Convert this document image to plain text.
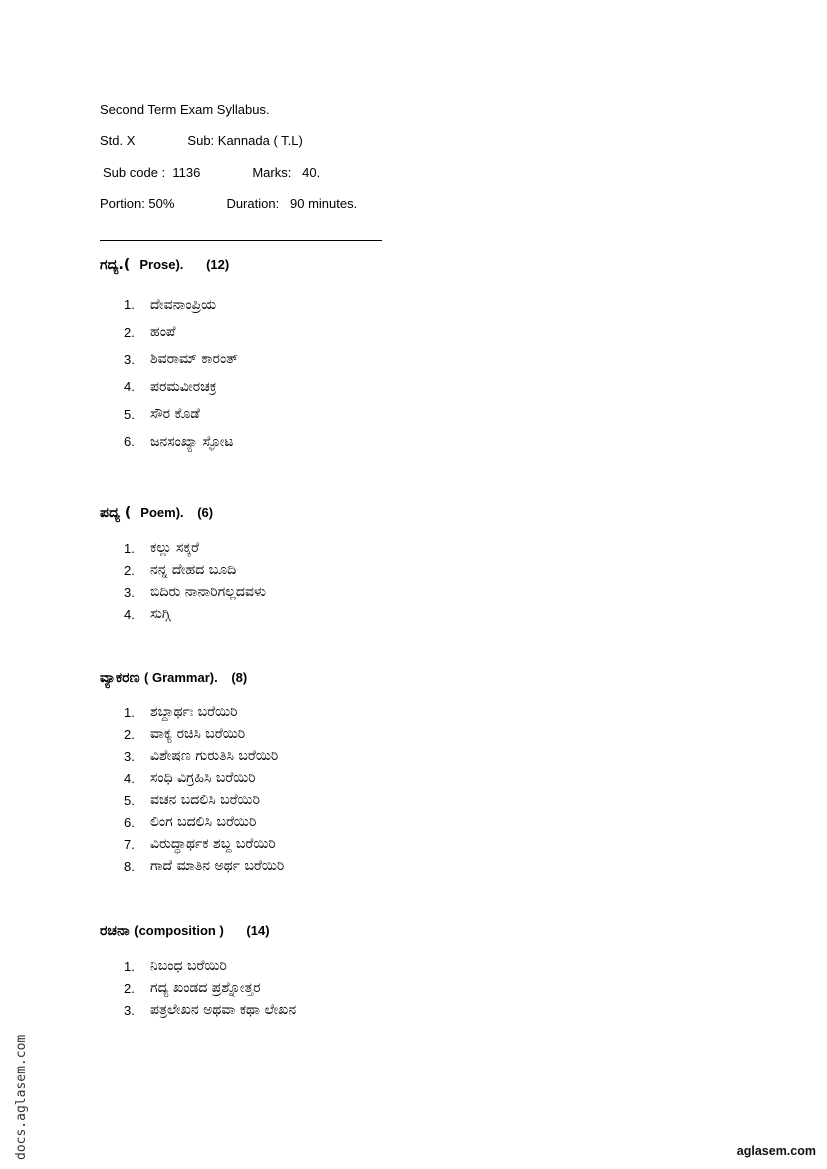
Second Term Exam Syllabus.
Std. X	Sub: Kannada ( T.L)
Sub code :  1136	Marks:   40.
Portion: 50%	Duration:   90 minutes.
ಗದ್ಯ.( Prose). (12)
1.	ದೇವನಾಂಪ್ರಿಯ
2.	ಹಂಪೆ
3.	ಶಿವರಾಮ್ ಕಾರಂತ್
4.	ಪರಮವೀರಚಕ್ರ
5.	ಸೌರ ಕೊಡೆ
6.	ಜನಸಂಖ್ಯಾ ಸ್ಫೋಟ
ಪದ್ಯ ( Poem). (6)
1.	ಕಲ್ಲು ಸಕ್ಕರೆ
2.	ನನ್ನ ದೇಹದ ಬೂದಿ
3.	ಬಿದಿರು ನಾನಾರಿಗಲ್ಲದವಳು
4.	ಸುಗ್ಗಿ
ವ್ಯಾಕರಣ ( Grammar). (8)
1.	ಶಬ್ದಾರ್ಥಃ ಬರೆಯಿರಿ
2.	ವಾಕ್ಯ ರಚಿಸಿ ಬರೆಯಿರಿ
3.	ವಿಶೇಷಣ ಗುರುತಿಸಿ ಬರೆಯಿರಿ
4.	ಸಂಧಿ ವಿಗ್ರಹಿಸಿ ಬರೆಯಿರಿ
5.	ವಚನ ಬದಲಿಸಿ ಬರೆಯಿರಿ
6.	ಲಿಂಗ ಬದಲಿಸಿ ಬರೆಯಿರಿ
7.	ವಿರುದ್ಧಾರ್ಥಕ ಶಬ್ದ ಬರೆಯಿರಿ
8.	ಗಾದೆ ಮಾತಿನ ಅರ್ಥ ಬರೆಯಿರಿ
ರಚನಾ (composition ) (14)
1.	ನಿಬಂಧ ಬರೆಯಿರಿ
2.	ಗದ್ಯ ಖಂಡದ ಪ್ರಶ್ನೋತ್ತರ
3.	ಪತ್ರಲೇಖನ ಅಥವಾ ಕಥಾ ಲೇಖನ
docs.aglasem.com	aglasem.com
